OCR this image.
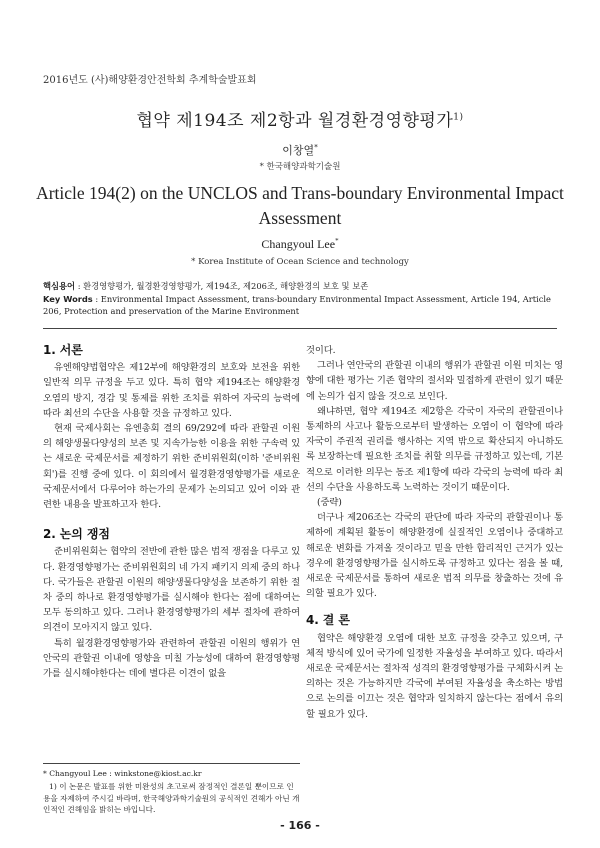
2016년도 (사)해양환경안전학회 추계학술발표회
협약 제194조 제2항과 월경환경영향평가$^{1)}$
이창열*
* 한국해양과학기술원
Article 194(2) on the UNCLOS and Trans-boundary Environmental Impact
Assessment
Changyoul Lee*
* Korea Institute of Ocean Science and technology
핵심용어 : 환경영향평가, 월경환경영향평가, 제194조, 제206조, 해양환경의 보호 및 보존
Key Words : Environmental Impact Assessment, trans-boundary Environmental Impact Assessment, Article 194, Article 206, Protection and preservation of the Marine Environment
1. 서론

유엔해양법협약은 제12부에 해양환경의 보호와 보전을 위한 일반적 의무 규정을 두고 있다. 특히 협약 제194조는 해양환경 오염의 방지, 경감 및 통제를 위한 조치를 위하여 자국의 능력에 따라 최선의 수단을 사용할 것을 규정하고 있다.

현재 국제사회는 유엔총회 결의 69/292에 따라 관할권 이원의 해양생물다양성의 보존 및 지속가능한 이용을 위한 구속력 있는 새로운 국제문서를 제정하기 위한 준비위원회(이하 '준비위원회')를 진행 중에 있다. 이 회의에서 월경환경영향평가를 새로운 국제문서에서 다루어야 하는가의 문제가 논의되고 있어 이와 관련한 내용을 발표하고자 한다.

2. 논의 쟁점

준비위원회는 협약의 전반에 관한 많은 법적 쟁점을 다루고 있다. 환경영향평가는 준비위원회의 네 가지 패키지 의제 중의 하나다. 국가들은 관할권 이원의 해양생물다양성을 보존하기 위한 절차 중의 하나로 환경영향평가를 실시해야 한다는 점에 대하여는 모두 동의하고 있다. 그러나 환경영향평가의 세부 절차에 관하여 의견이 모아지지 않고 있다.

특히 월경환경영향평가와 관련하여 관할권 이원의 행위가 연안국의 관할권 이내에 영향을 미칠 가능성에 대하여 환경영향평가를 실시해야한다는 데에 별다른 이견이 없을

것이다.

그러나 연안국의 관할권 이내의 행위가 관할권 이원 미치는 영향에 대한 평가는 기존 협약의 절서와 밀접하게 관련이 있기 때문에 논의가 쉽지 않을 것으로 보인다.

왜냐하면, 협약 제194조 제2항은 각국이 자국의 관할권이나 통제하의 사고나 활동으로부터 발생하는 오염이 이 협약에 따라 자국이 주권적 권리를 행사하는 지역 밖으로 확산되지 아니하도록 보장하는데 필요한 조치를 취할 의무를 규정하고 있는데, 기본적으로 이러한 의무는 동조 제1항에 따라 각국의 능력에 따라 최선의 수단을 사용하도록 노력하는 것이기 때문이다.

(중략)

더구나 제206조는 각국의 판단에 따라 자국의 관할권이나 통제하에 계획된 활동이 해양환경에 실질적인 오염이나 중대하고 해로운 변화를 가져올 것이라고 믿을 만한 합리적인 근거가 있는 경우에 환경영향평가를 실시하도록 규정하고 있다는 점을 볼 때, 새로운 국제문서를 통하여 새로운 법적 의무를 창출하는 것에 유의할 필요가 있다.

4. 결 론

협약은 해양환경 오염에 대한 보호 규정을 갖추고 있으며, 구체적 방식에 있어 국가에 일정한 자율성을 부여하고 있다. 따라서 새로운 국제문서는 절차적 성격의 환경영향평가를 구체화시켜 논의하는 것은 가능하지만 각국에 부여된 자율성을 축소하는 방법으로 논의를 이끄는 것은 협약과 일치하지 않는다는 점에서 유의할 필요가 있다.

* Changyoul Lee : winkstone@kiost.ac.kr
1) 이 논문은 발표를 위한 미완성의 초고로써 잠정적인 결론일 뿐이므로 인용을 자제하여 주시길 바라며, 한국해양과학기술원의 공식적인 견해가 아닌 개인적인 견해임을 밝히는 바입니다.
- 166 -
